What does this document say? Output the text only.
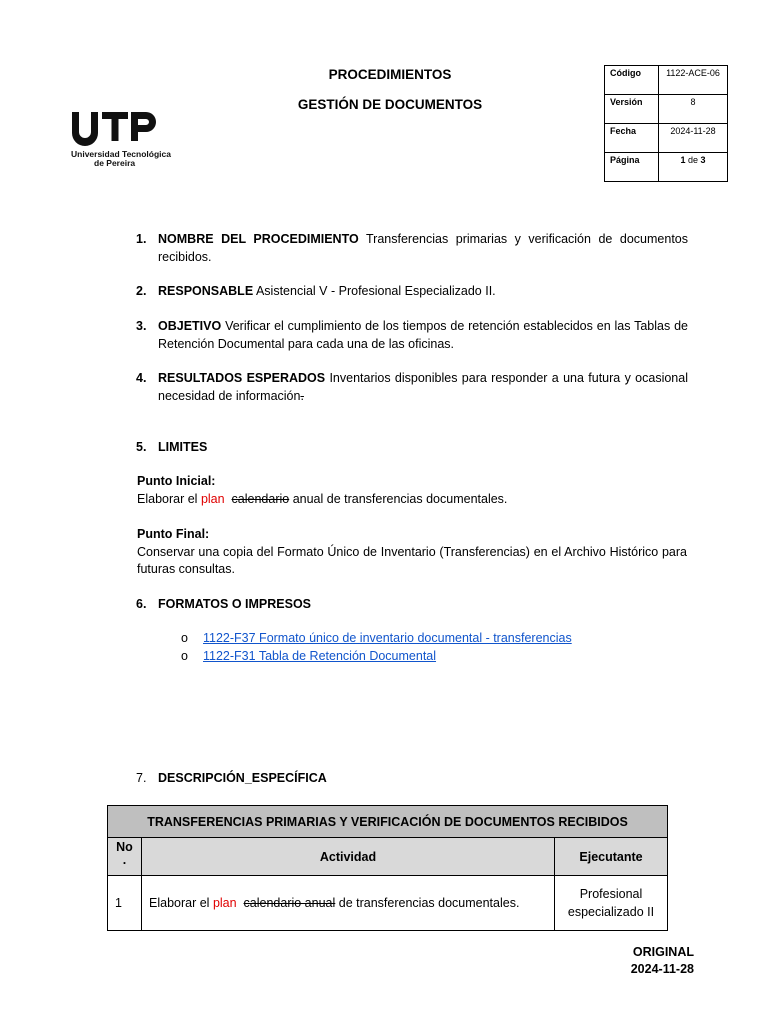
PROCEDIMIENTOS
GESTIÓN DE DOCUMENTOS
Universidad Tecnológica
de Pereira
Código	1122-ACE-06
Versión	8
Fecha	2024-11-28
Página	1 de 3
1. NOMBRE DEL PROCEDIMIENTO Transferencias primarias y verificación de documentos recibidos.
2. RESPONSABLE Asistencial V - Profesional Especializado II.
3. OBJETIVO Verificar el cumplimiento de los tiempos de retención establecidos en las Tablas de Retención Documental para cada una de las oficinas.
4. RESULTADOS ESPERADOS Inventarios disponibles para responder a una futura y ocasional necesidad de información.
5. LIMITES
Punto Inicial:
Elaborar el plan calendario anual de transferencias documentales.
Punto Final:
Conservar una copia del Formato Único de Inventario (Transferencias) en el Archivo Histórico para futuras consultas.
6. FORMATOS O IMPRESOS
o 1122-F37 Formato único de inventario documental - transferencias
o 1122-F31 Tabla de Retención Documental
7. DESCRIPCIÓN_ESPECÍFICA
TRANSFERENCIAS PRIMARIAS Y VERIFICACIÓN DE DOCUMENTOS RECIBIDOS		
No
.	Actividad	Ejecutante
1	Elaborar el plan calendario anual de transferencias documentales.	Profesional
especializado II
ORIGINAL
2024-11-28
